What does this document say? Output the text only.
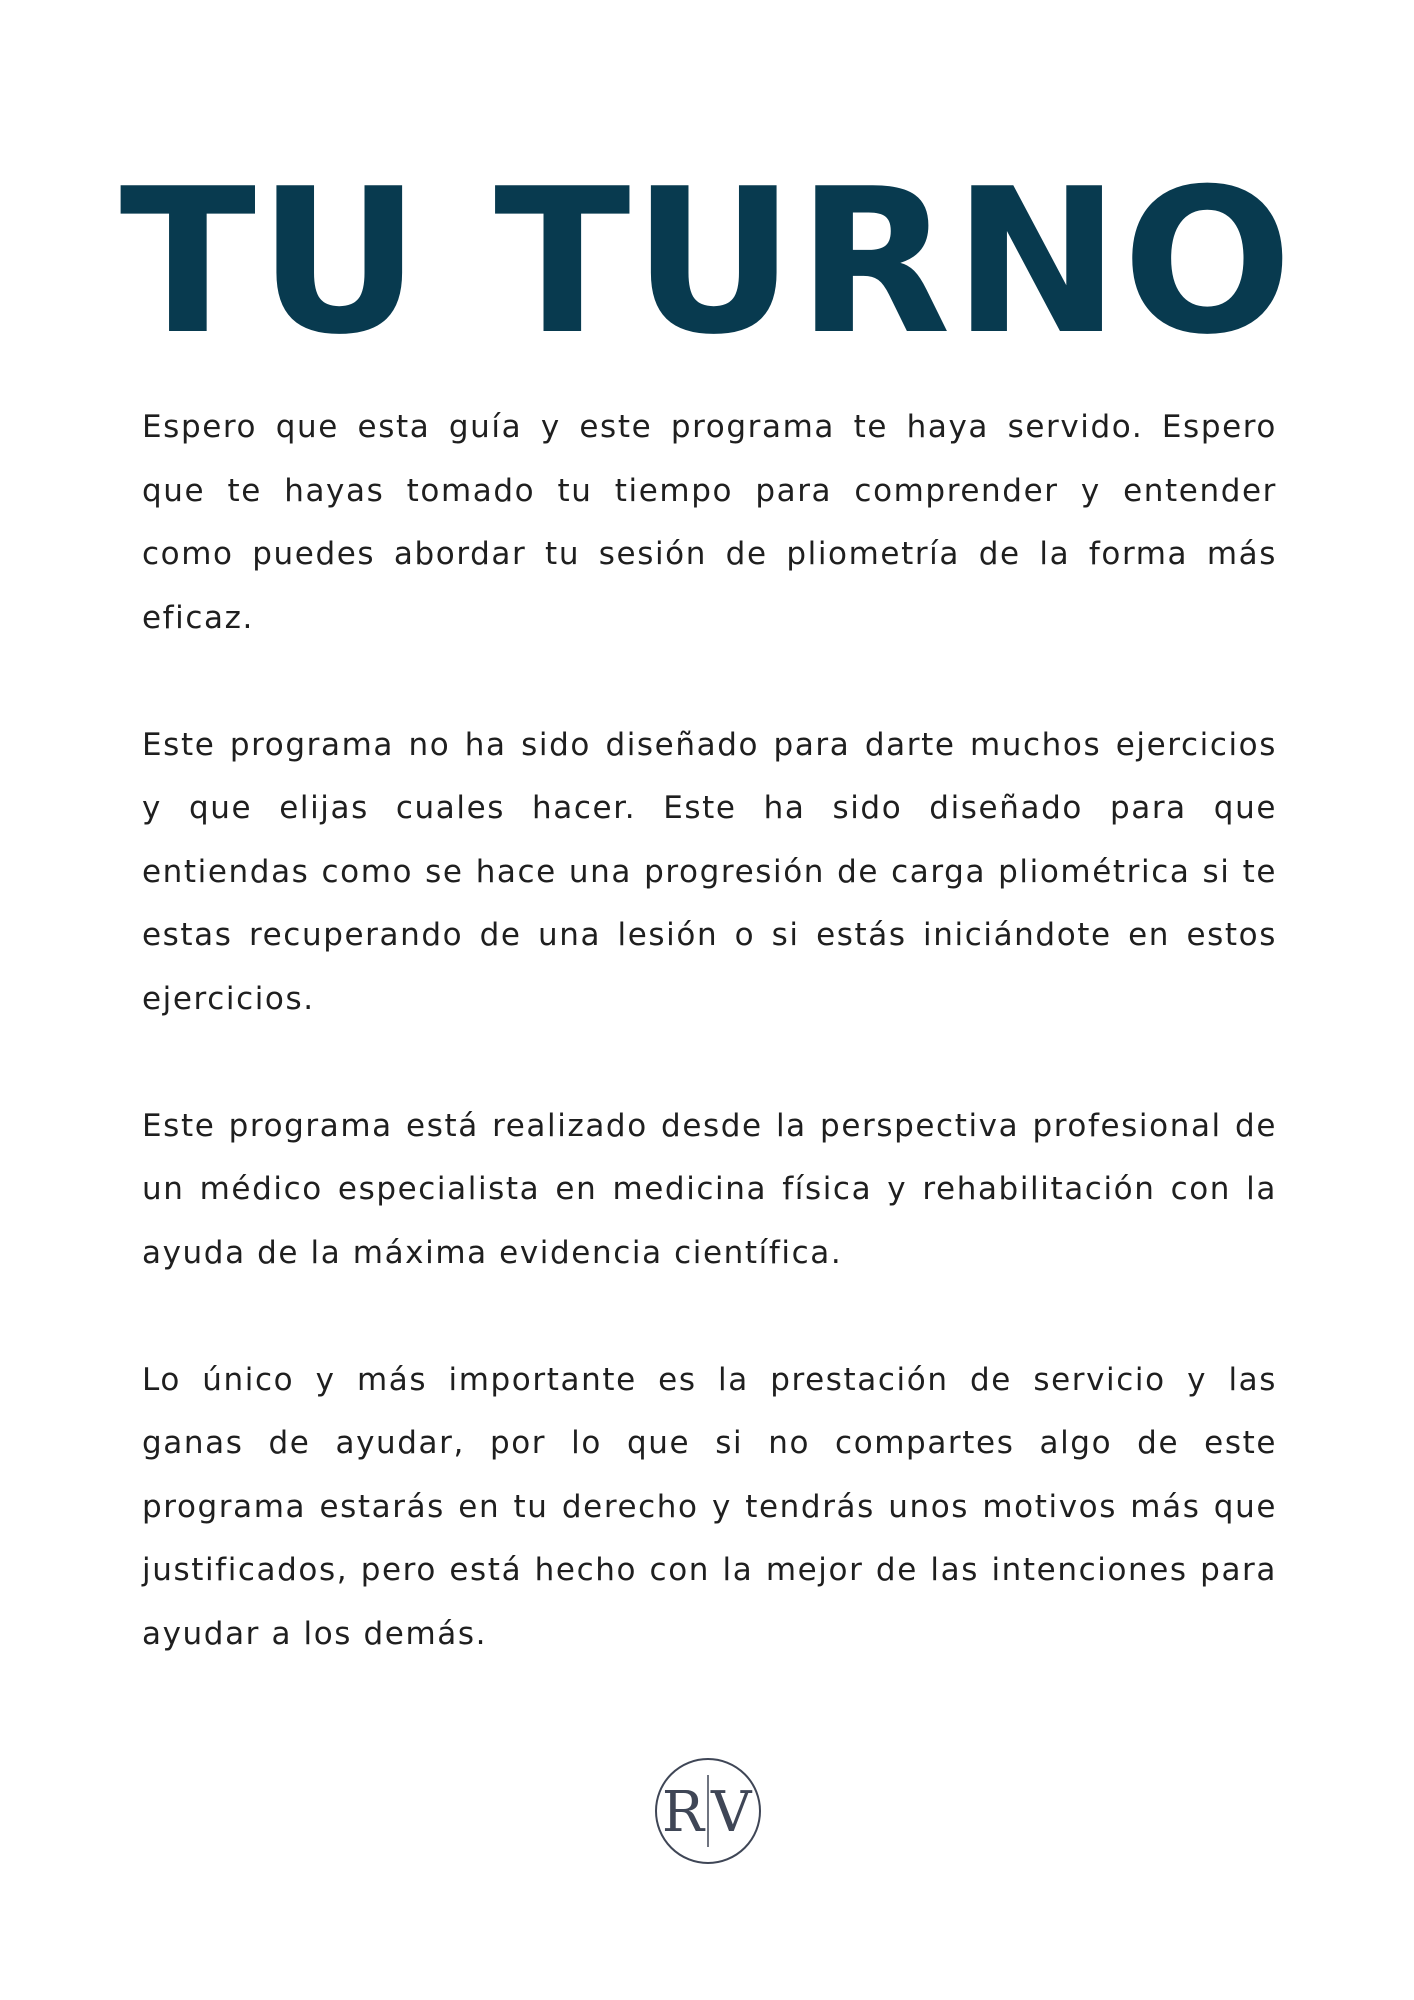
TU TURNO

Espero que esta guía y este programa te haya servido. Espero que te hayas tomado tu tiempo para comprender y entender como puedes abordar tu sesión de pliometría de la forma más eficaz.

Este programa no ha sido diseñado para darte muchos ejercicios y que elijas cuales hacer. Este ha sido diseñado para que entiendas como se hace una progresión de carga pliométrica si te estas recuperando de una lesión o si estás iniciándote en estos ejercicios.

Este programa está realizado desde la perspectiva profesional de un médico especialista en medicina física y rehabilitación con la ayuda de la máxima evidencia científica.

Lo único y más importante es la prestación de servicio y las ganas de ayudar, por lo que si no compartes algo de este programa estarás en tu derecho y tendrás unos motivos más que justificados, pero está hecho con la mejor de las intenciones para ayudar a los demás.

R V
